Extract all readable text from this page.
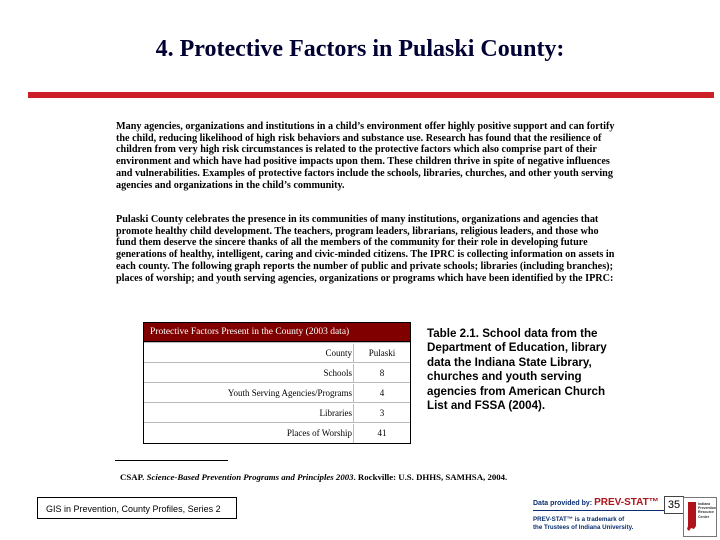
4. Protective Factors in Pulaski County:

Many agencies, organizations and institutions in a child’s environment offer highly positive support and can fortify the child, reducing likelihood of high risk behaviors and substance use. Research has found that the resilience of children from very high risk circumstances is related to the protective factors which also comprise part of their environment and which have had positive impacts upon them. These children thrive in spite of negative influences and vulnerabilities. Examples of protective factors include the schools, libraries, churches, and other youth serving agencies and organizations in the child’s community.

Pulaski County celebrates the presence in its communities of many institutions, organizations and agencies that promote healthy child development. The teachers, program leaders, librarians, religious leaders, and those who fund them deserve the sincere thanks of all the members of the community for their role in developing future generations of healthy, intelligent, caring and civic-minded citizens. The IPRC is collecting information on assets in each county. The following graph reports the number of public and private schools; libraries (including branches); places of worship; and youth serving agencies, organizations or programs which have been identified by the IPRC:

Protective Factors Present in the County (2003 data)
County	Pulaski
Schools	8
Youth Serving Agencies/Programs	4
Libraries	3
Places of Worship	41

Table 2.1. School data from the Department of Education, library data the Indiana State Library, churches and youth serving agencies from American Church List and FSSA (2004).

CSAP. Science-Based Prevention Programs and Principles 2003. Rockville: U.S. DHHS, SAMHSA, 2004.
GIS in Prevention, County Profiles, Series 2
Data provided by: PREV-STAT™
PREV-STAT™ is a trademark of
the Trustees of Indiana University.
35	Indiana
Prevention
Resource
Center
